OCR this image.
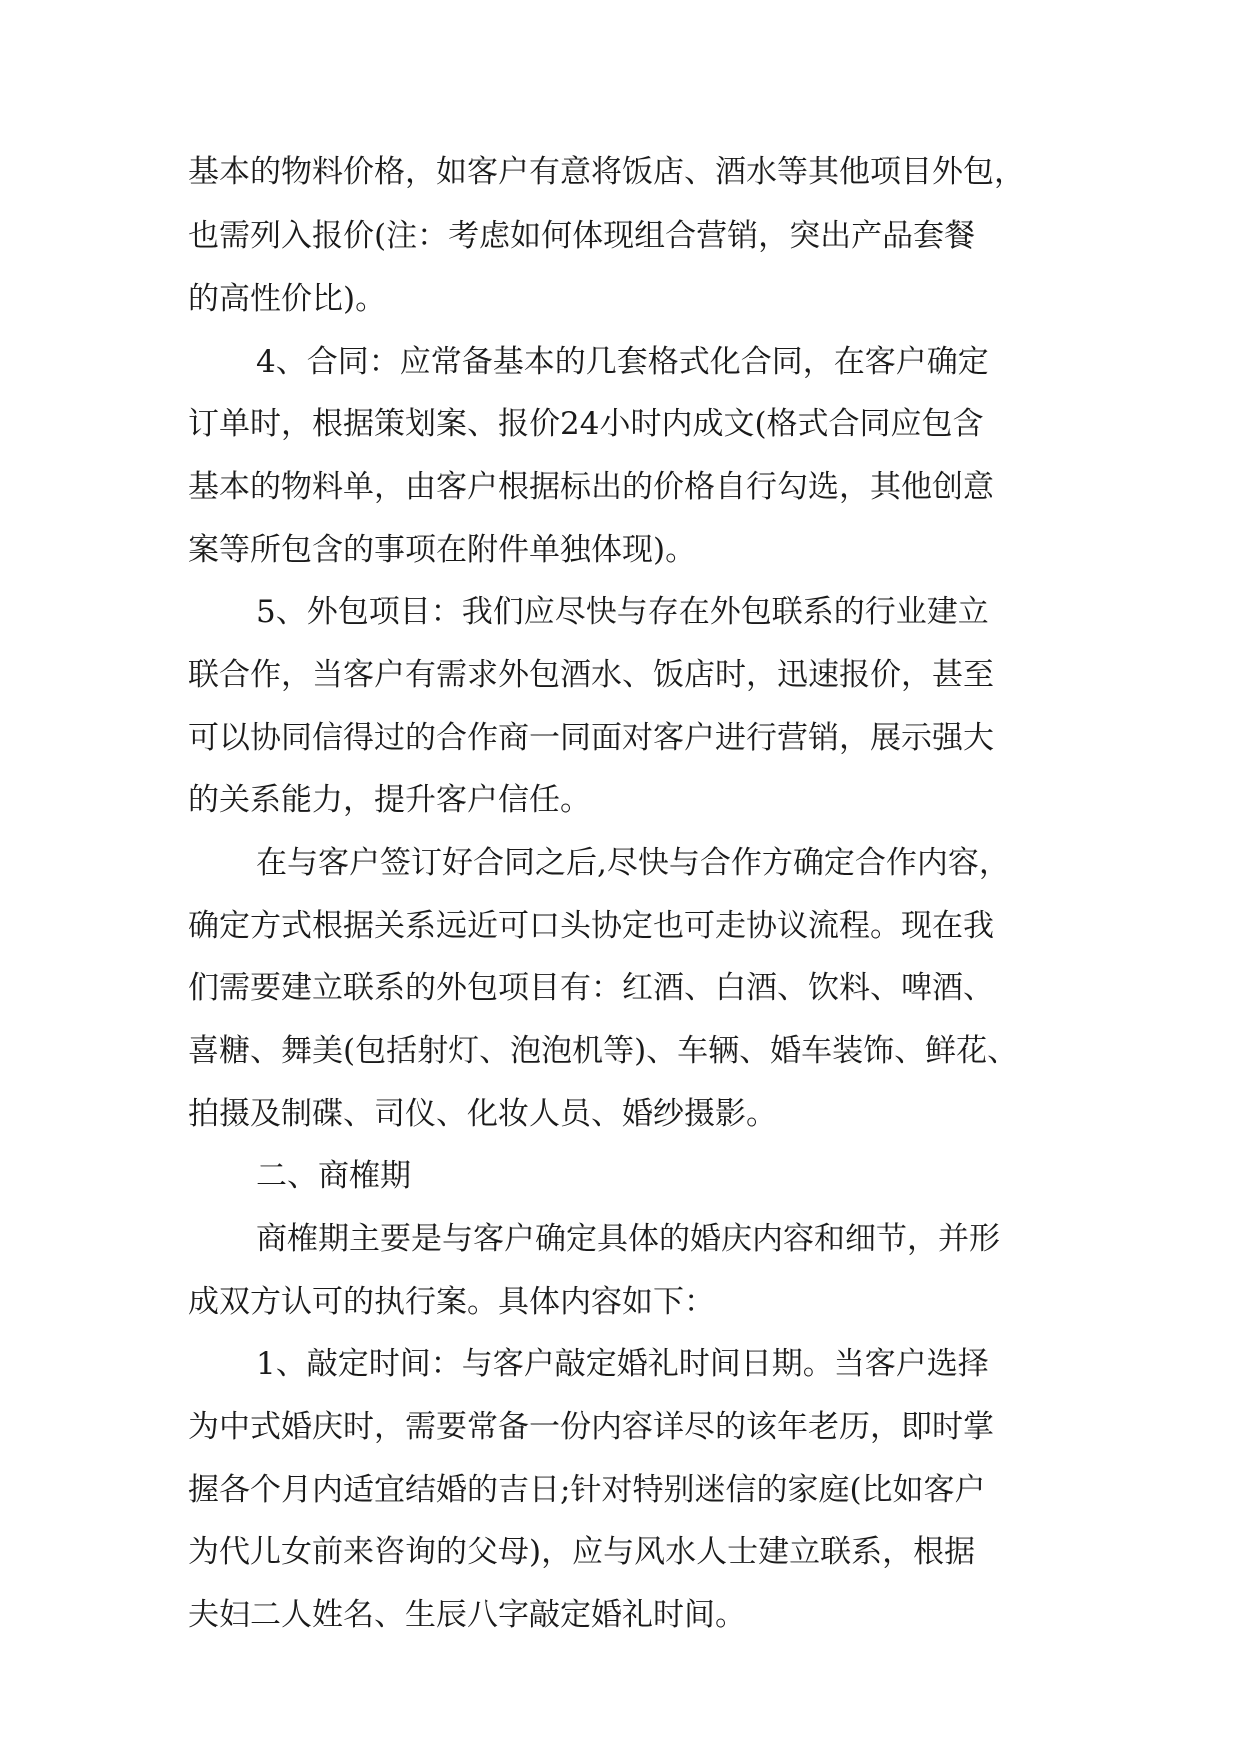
基本的物料价格，如客户有意将饭店、酒水等其他项目外包，

也需列入报价(注：考虑如何体现组合营销，突出产品套餐

的高性价比)。

4、合同：应常备基本的几套格式化合同，在客户确定

订单时，根据策划案、报价24小时内成文(格式合同应包含

基本的物料单，由客户根据标出的价格自行勾选，其他创意

案等所包含的事项在附件单独体现)。

5、外包项目：我们应尽快与存在外包联系的行业建立

联合作，当客户有需求外包酒水、饭店时，迅速报价，甚至

可以协同信得过的合作商一同面对客户进行营销，展示强大

的关系能力，提升客户信任。

在与客户签订好合同之后,尽快与合作方确定合作内容，

确定方式根据关系远近可口头协定也可走协议流程。现在我

们需要建立联系的外包项目有：红酒、白酒、饮料、啤酒、

喜糖、舞美(包括射灯、泡泡机等)、车辆、婚车装饰、鲜花、

拍摄及制碟、司仪、化妆人员、婚纱摄影。

二、商榷期

商榷期主要是与客户确定具体的婚庆内容和细节，并形

成双方认可的执行案。具体内容如下：

1、敲定时间：与客户敲定婚礼时间日期。当客户选择

为中式婚庆时，需要常备一份内容详尽的该年老历，即时掌

握各个月内适宜结婚的吉日;针对特别迷信的家庭(比如客户

为代儿女前来咨询的父母)，应与风水人士建立联系，根据

夫妇二人姓名、生辰八字敲定婚礼时间。
